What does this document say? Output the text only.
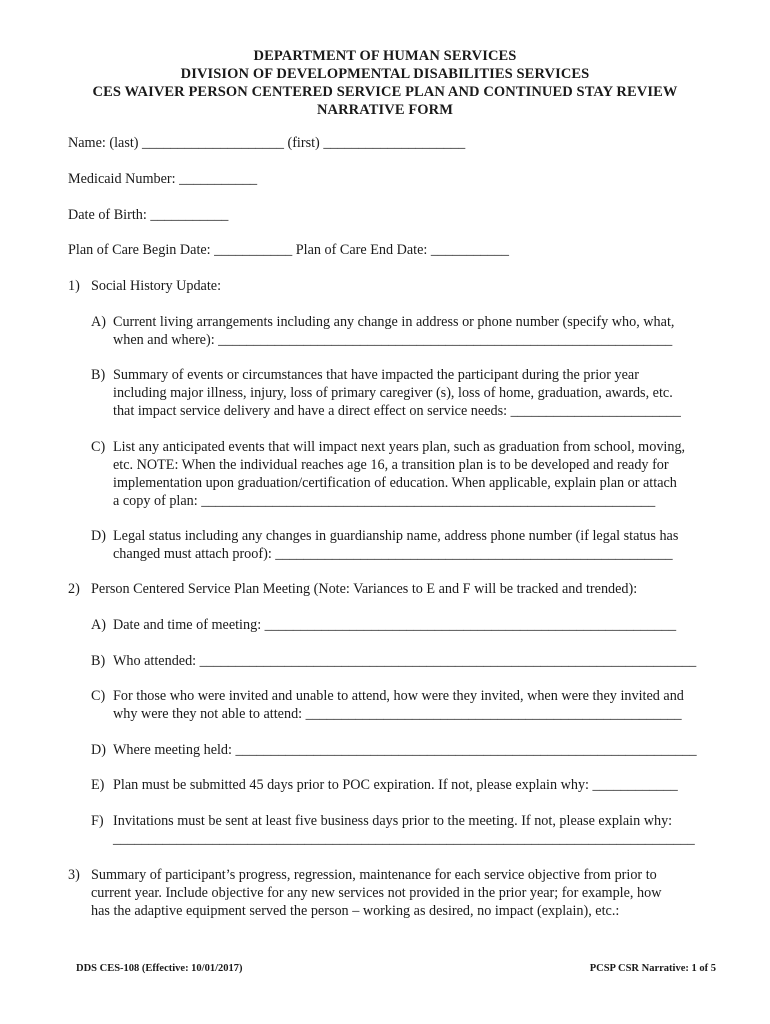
DEPARTMENT OF HUMAN SERVICES
DIVISION OF DEVELOPMENTAL DISABILITIES SERVICES
CES WAIVER PERSON CENTERED SERVICE PLAN AND CONTINUED STAY REVIEW
NARRATIVE FORM
Name: (last) ____________________ (first) ____________________
Medicaid Number: ___________
Date of Birth: ___________
Plan of Care Begin Date: ___________ Plan of Care End Date: ___________
1) Social History Update:
A) Current living arrangements including any change in address or phone number (specify who, what,
when and where): ________________________________________________________________
B) Summary of events or circumstances that have impacted the participant during the prior year
including major illness, injury, loss of primary caregiver (s), loss of home, graduation, awards, etc.
that impact service delivery and have a direct effect on service needs: ________________________
C) List any anticipated events that will impact next years plan, such as graduation from school, moving,
etc. NOTE: When the individual reaches age 16, a transition plan is to be developed and ready for
implementation upon graduation/certification of education. When applicable, explain plan or attach
a copy of plan: ________________________________________________________________
D) Legal status including any changes in guardianship name, address phone number (if legal status has
changed must attach proof): ________________________________________________________
2) Person Centered Service Plan Meeting (Note: Variances to E and F will be tracked and trended):
A) Date and time of meeting: __________________________________________________________
B) Who attended: ______________________________________________________________________
C) For those who were invited and unable to attend, how were they invited, when were they invited and
why were they not able to attend: _____________________________________________________
D) Where meeting held: _________________________________________________________________
E) Plan must be submitted 45 days prior to POC expiration. If not, please explain why: ____________
F) Invitations must be sent at least five business days prior to the meeting. If not, please explain why:
__________________________________________________________________________________
3) Summary of participant’s progress, regression, maintenance for each service objective from prior to
current year. Include objective for any new services not provided in the prior year; for example, how
has the adaptive equipment served the person – working as desired, no impact (explain), etc.:
DDS CES-108 (Effective: 10/01/2017)	PCSP CSR Narrative: 1 of 5
